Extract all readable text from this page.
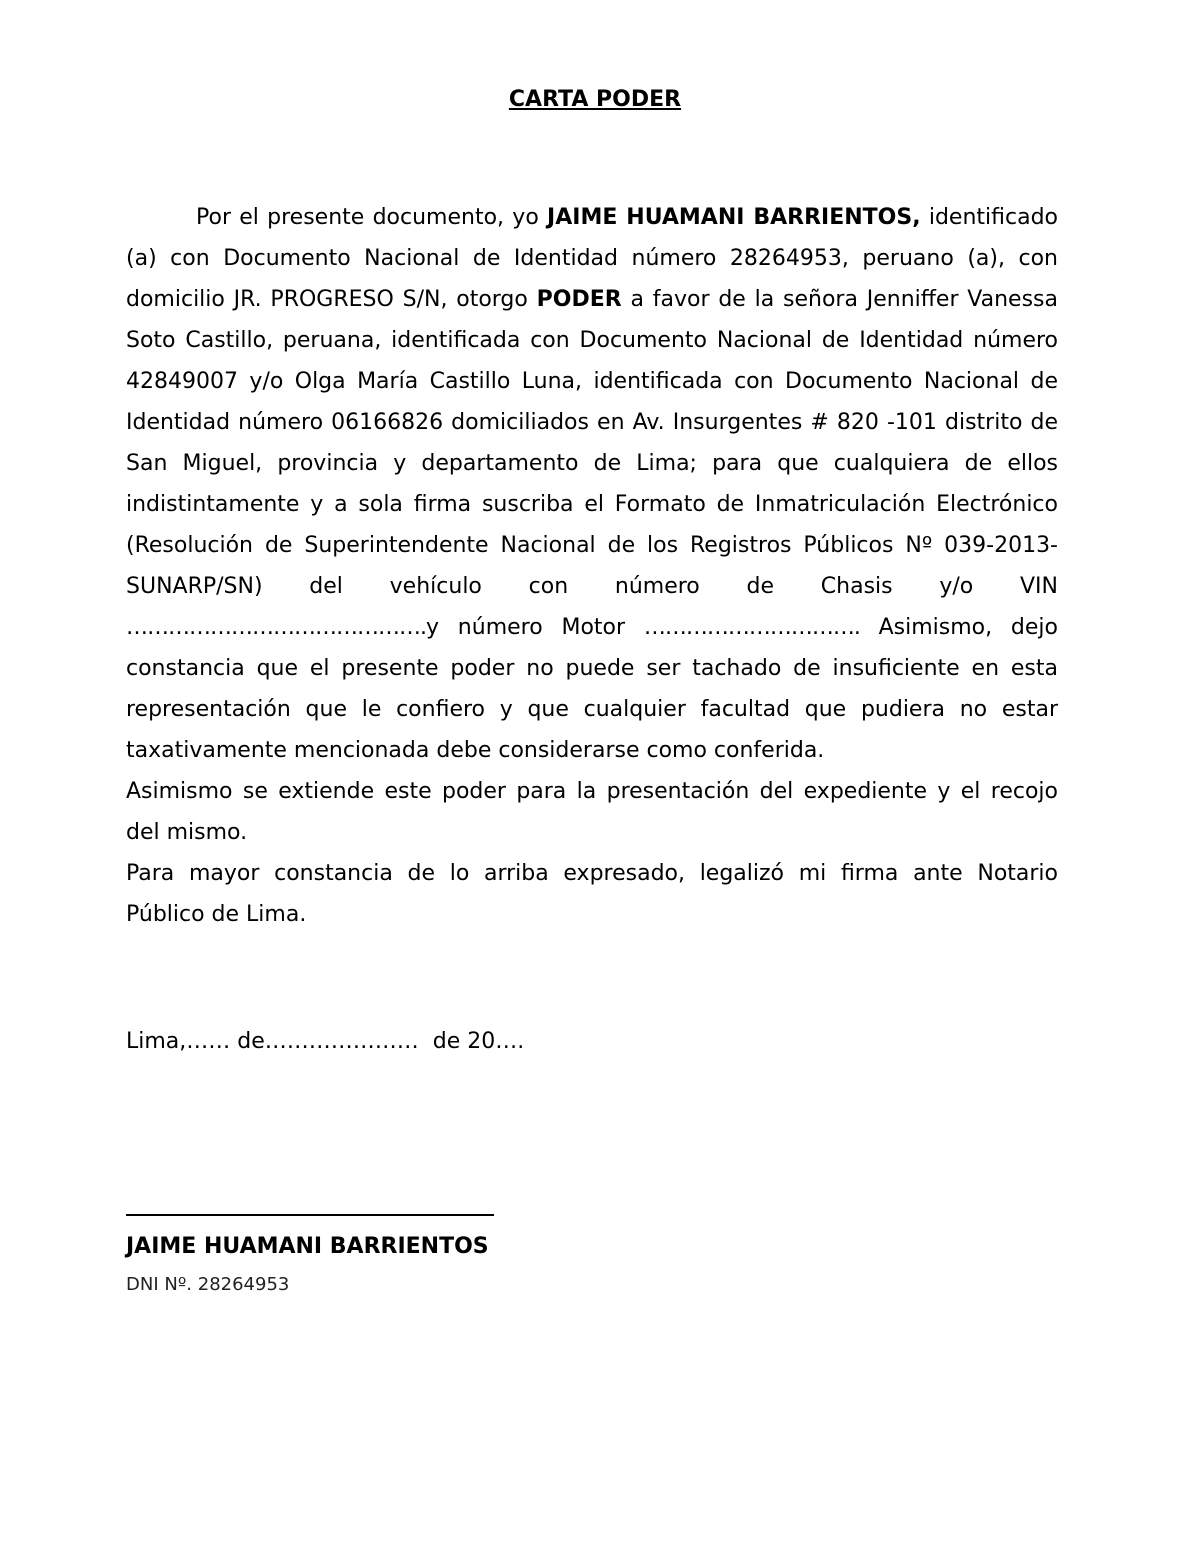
CARTA PODER

Por el presente documento, yo JAIME HUAMANI BARRIENTOS, identificado (a) con Documento Nacional de Identidad número 28264953, peruano (a), con domicilio JR. PROGRESO S/N, otorgo PODER a favor de la señora Jenniffer Vanessa Soto Castillo, peruana, identificada con Documento Nacional de Identidad número 42849007 y/o Olga María Castillo Luna, identificada con Documento Nacional de Identidad número 06166826 domiciliados en Av. Insurgentes # 820 -101 distrito de San Miguel, provincia y departamento de Lima; para que cualquiera de ellos indistintamente y a sola firma suscriba el Formato de Inmatriculación Electrónico (Resolución de Superintendente Nacional de los Registros Públicos Nº 039-2013-SUNARP/SN) del vehículo con número de Chasis y/o VIN …………………………………….y número Motor …………………………. Asimismo, dejo constancia que el presente poder no puede ser tachado de insuficiente en esta representación que le confiero y que cualquier facultad que pudiera no estar taxativamente mencionada debe considerarse como conferida.

Asimismo se extiende este poder para la presentación del expediente y el recojo del mismo.

Para mayor constancia de lo arriba expresado, legalizó mi firma ante Notario Público de Lima.

Lima,…… de…………………  de 20….
JAIME HUAMANI BARRIENTOS
DNI Nº. 28264953
